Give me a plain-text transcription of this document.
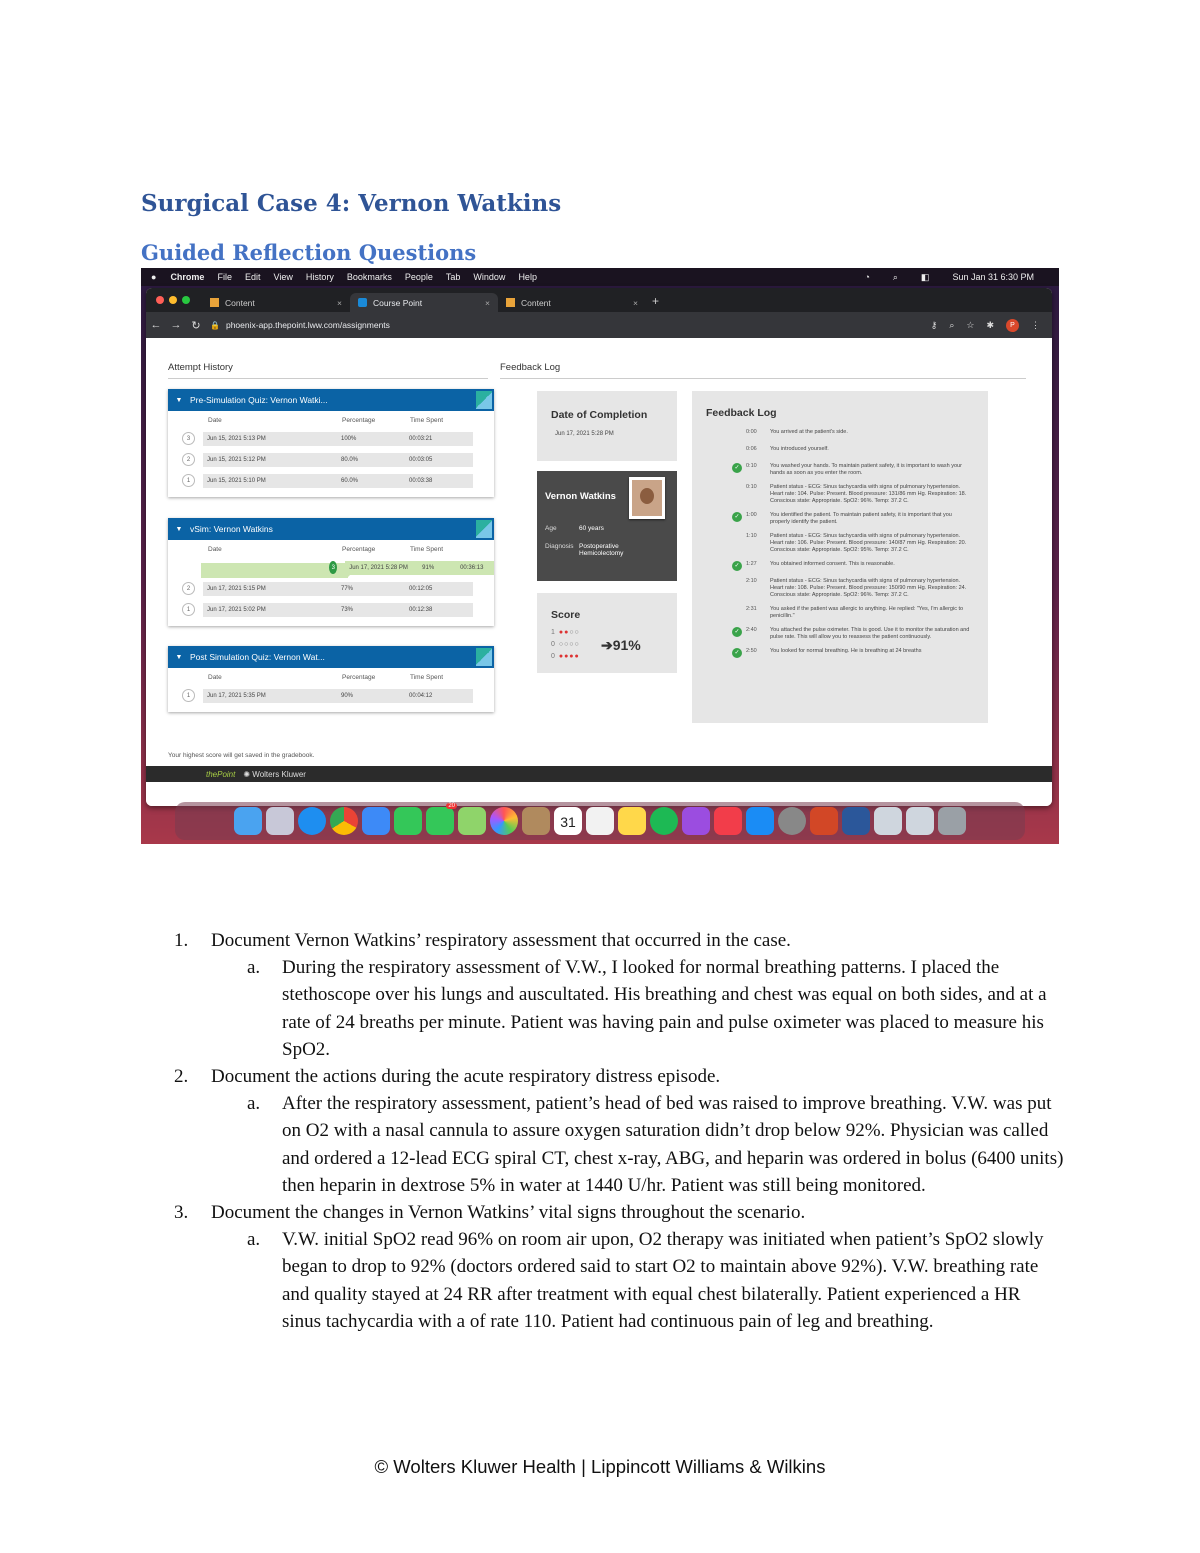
Surgical Case 4: Vernon Watkins
Guided Reflection Questions
● Chrome File Edit View History Bookmarks People Tab Window Help	◔	⌕	◧	Sun Jan 31 6:30 PM
Content	×	Course Point	×	Content	×	+
← → ↻	🔒 phoenix-app.thepoint.lww.com/assignments	⚷ ⌕ ☆ ✱	P	⋮
Attempt History	Feedback Log
▼ Pre-Simulation Quiz: Vernon Watki...
Date	Percentage	Time Spent
3	Jun 15, 2021 5:13 PM	100%	00:03:21
2	Jun 15, 2021 5:12 PM	80.0%	00:03:05
1	Jun 15, 2021 5:10 PM	60.0%	00:03:38
▼ vSim: Vernon Watkins
Date	Percentage	Time Spent
3	Jun 17, 2021 5:28 PM	91%	00:36:13
2	Jun 17, 2021 5:15 PM	77%	00:12:05
1	Jun 17, 2021 5:02 PM	73%	00:12:38
▼ Post Simulation Quiz: Vernon Wat...
Date	Percentage	Time Spent
1	Jun 17, 2021 5:35 PM	90%	00:04:12
Date of Completion
Jun 17, 2021 5:28 PM
Vernon Watkins
Age	60 years
Diagnosis Postoperative Hemicolectomy
Score
1 ●●○○
0 ○○○○
0 ●●●●
➔91%
Feedback Log
0:00	You arrived at the patient's side.
0:06	You introduced yourself.
✓	0:10	You washed your hands. To maintain patient safety, it is important to wash your hands as soon as you enter the room.
0:10	Patient status - ECG: Sinus tachycardia with signs of pulmonary hypertension. Heart rate: 104. Pulse: Present. Blood pressure: 131/86 mm Hg. Respiration: 18. Conscious state: Appropriate. SpO2: 96%. Temp: 37.2 C.
✓	1:00	You identified the patient. To maintain patient safety, it is important that you properly identify the patient.
1:10	Patient status - ECG: Sinus tachycardia with signs of pulmonary hypertension. Heart rate: 106. Pulse: Present. Blood pressure: 140/87 mm Hg. Respiration: 20. Conscious state: Appropriate. SpO2: 95%. Temp: 37.2 C.
✓	1:27	You obtained informed consent. This is reasonable.
2:10	Patient status - ECG: Sinus tachycardia with signs of pulmonary hypertension. Heart rate: 108. Pulse: Present. Blood pressure: 150/90 mm Hg. Respiration: 24. Conscious state: Appropriate. SpO2: 96%. Temp: 37.2 C.
2:31	You asked if the patient was allergic to anything. He replied: "Yes, I'm allergic to penicillin."
✓	2:40	You attached the pulse oximeter. This is good. Use it to monitor the saturation and pulse rate. This will allow you to reassess the patient continuously.
✓	2:50	You looked for normal breathing. He is breathing at 24 breaths
Your highest score will get saved in the gradebook.
thePoint ✺ Wolters Kluwer
20
31
1. Document Vernon Watkins’ respiratory assessment that occurred in the case.
a.	During the respiratory assessment of V.W., I looked for normal breathing patterns. I placed the stethoscope over his lungs and auscultated. His breathing and chest was equal on both sides, and at a rate of 24 breaths per minute. Patient was having pain and pulse oximeter was placed to measure his SpO2.
2. Document the actions during the acute respiratory distress episode.
a.	After the respiratory assessment, patient’s head of bed was raised to improve breathing. V.W. was put on O2 with a nasal cannula to assure oxygen saturation didn’t drop below 92%. Physician was called and ordered a 12-lead ECG spiral CT, chest x-ray, ABG, and heparin was ordered in bolus (6400 units) then heparin in dextrose 5% in water at 1440 U/hr. Patient was still being monitored.
3. Document the changes in Vernon Watkins’ vital signs throughout the scenario.
a.	V.W. initial SpO2 read 96% on room air upon, O2 therapy was initiated when patient’s SpO2 slowly began to drop to 92% (doctors ordered said to start O2 to maintain above 92%). V.W. breathing rate and quality stayed at 24 RR after treatment with equal chest bilaterally. Patient experienced a HR sinus tachycardia with a of rate 110. Patient had continuous pain of leg and breathing.
© Wolters Kluwer Health | Lippincott Williams & Wilkins
